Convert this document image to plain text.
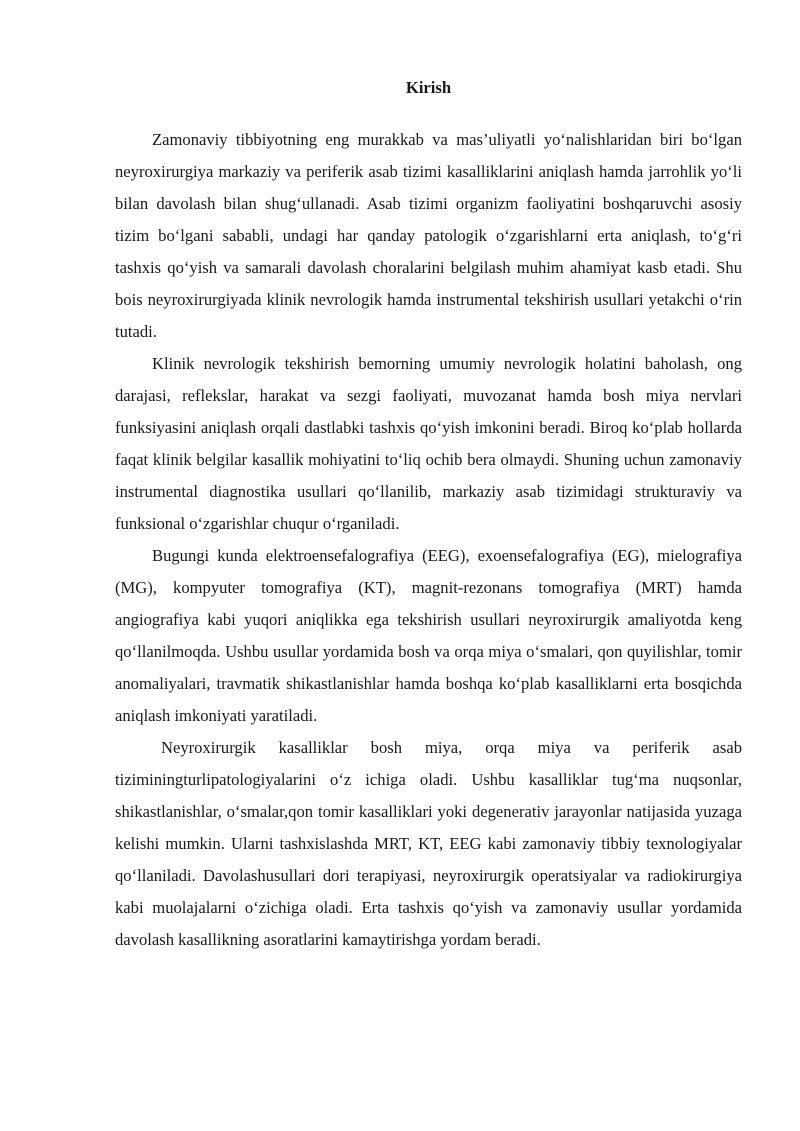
Kirish

Zamonaviy tibbiyotning eng murakkab va mas’uliyatli yo‘nalishlaridan biri bo‘lgan neyroxirurgiya markaziy va periferik asab tizimi kasalliklarini aniqlash hamda jarrohlik yo‘li bilan davolash bilan shug‘ullanadi. Asab tizimi organizm faoliyatini boshqaruvchi asosiy tizim bo‘lgani sababli, undagi har qanday patologik o‘zgarishlarni erta aniqlash, to‘g‘ri tashxis qo‘yish va samarali davolash choralarini belgilash muhim ahamiyat kasb etadi. Shu bois neyroxirurgiyada klinik nevrologik hamda instrumental tekshirish usullari yetakchi o‘rin tutadi.

Klinik nevrologik tekshirish bemorning umumiy nevrologik holatini baholash, ong darajasi, reflekslar, harakat va sezgi faoliyati, muvozanat hamda bosh miya nervlari funksiyasini aniqlash orqali dastlabki tashxis qo‘yish imkonini beradi. Biroq ko‘plab hollarda faqat klinik belgilar kasallik mohiyatini to‘liq ochib bera olmaydi. Shuning uchun zamonaviy instrumental diagnostika usullari qo‘llanilib, markaziy asab tizimidagi strukturaviy va funksional o‘zgarishlar chuqur o‘rganiladi.

Bugungi kunda elektroensefalografiya (EEG), exoensefalografiya (EG), mielografiya (MG), kompyuter tomografiya (KT), magnit-rezonans tomografiya (MRT) hamda angiografiya kabi yuqori aniqlikka ega tekshirish usullari neyroxirurgik amaliyotda keng qo‘llanilmoqda. Ushbu usullar yordamida bosh va orqa miya o‘smalari, qon quyilishlar, tomir anomaliyalari, travmatik shikastlanishlar hamda boshqa ko‘plab kasalliklarni erta bosqichda aniqlash imkoniyati yaratiladi.

Neyroxirurgik kasalliklar bosh miya, orqa miya va periferik asab tiziminingturlipatologiyalarini o‘z ichiga oladi. Ushbu kasalliklar tug‘ma nuqsonlar, shikastlanishlar, o‘smalar,qon tomir kasalliklari yoki degenerativ jarayonlar natijasida yuzaga kelishi mumkin. Ularni tashxislashda MRT, KT, EEG kabi zamonaviy tibbiy texnologiyalar qo‘llaniladi. Davolashusullari dori terapiyasi, neyroxirurgik operatsiyalar va radiokirurgiya kabi muolajalarni o‘zichiga oladi. Erta tashxis qo‘yish va zamonaviy usullar yordamida davolash kasallikning asoratlarini kamaytirishga yordam beradi.
